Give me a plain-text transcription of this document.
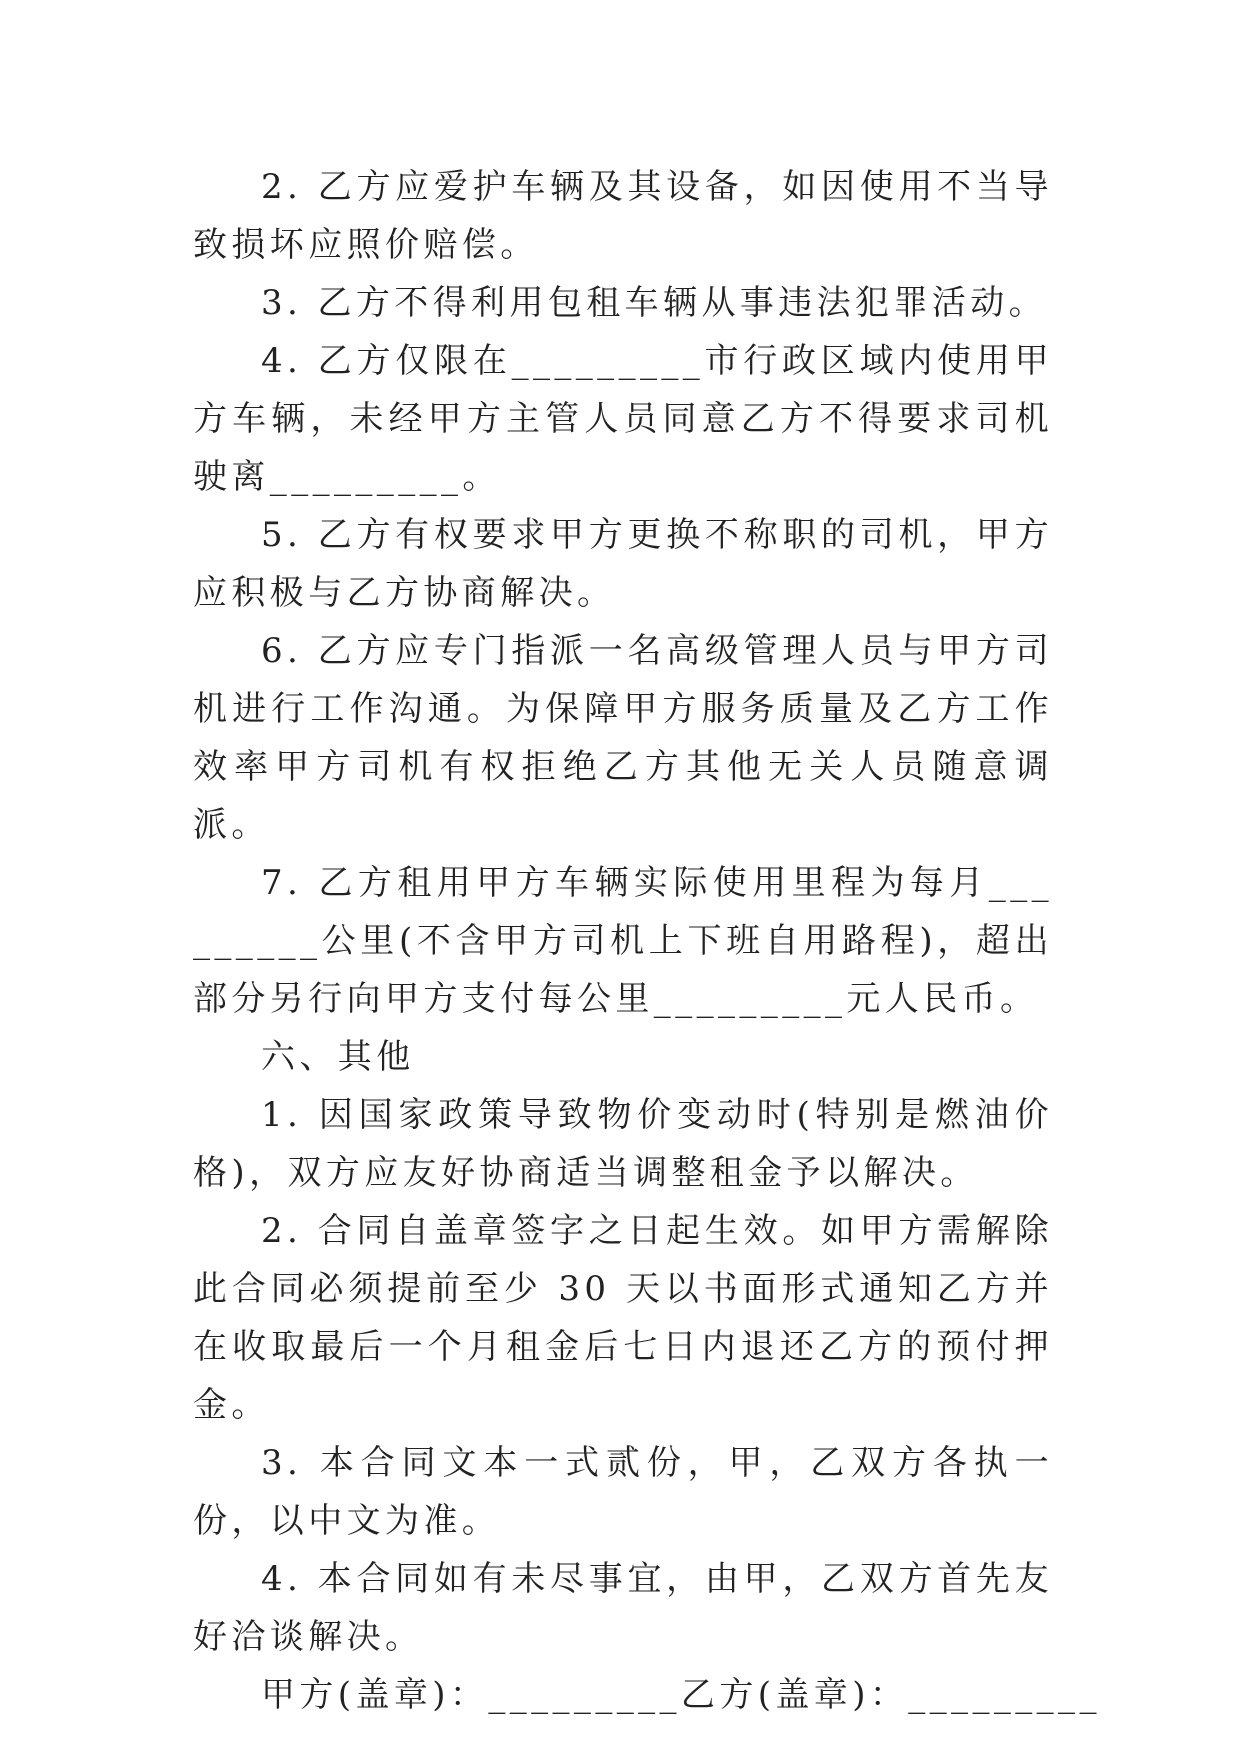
2. 乙方应爱护车辆及其设备，如因使用不当导致损坏应照价赔偿。

3. 乙方不得利用包租车辆从事违法犯罪活动。

4. 乙方仅限在_________市行政区域内使用甲方车辆，未经甲方主管人员同意乙方不得要求司机驶离_________。

5. 乙方有权要求甲方更换不称职的司机，甲方应积极与乙方协商解决。

6. 乙方应专门指派一名高级管理人员与甲方司机进行工作沟通。为保障甲方服务质量及乙方工作效率甲方司机有权拒绝乙方其他无关人员随意调派。

7. 乙方租用甲方车辆实际使用里程为每月_________公里(不含甲方司机上下班自用路程)，超出部分另行向甲方支付每公里_________元人民币。

六、其他

1. 因国家政策导致物价变动时(特别是燃油价格)，双方应友好协商适当调整租金予以解决。

2. 合同自盖章签字之日起生效。如甲方需解除此合同必须提前至少 30 天以书面形式通知乙方并在收取最后一个月租金后七日内退还乙方的预付押金。

3. 本合同文本一式贰份，甲，乙双方各执一份，以中文为准。

4. 本合同如有未尽事宜，由甲，乙双方首先友好洽谈解决。

甲方(盖章)：_________乙方(盖章)：_________
